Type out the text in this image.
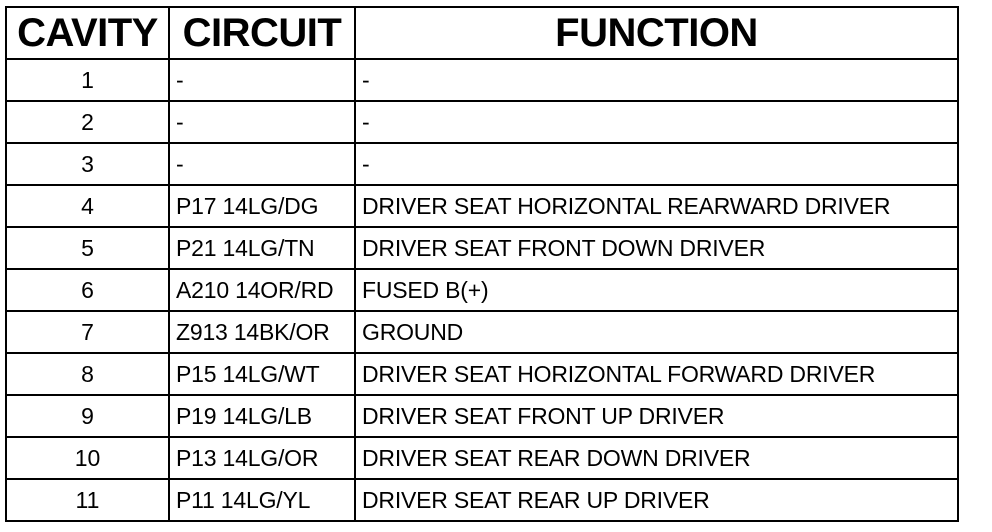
CAVITY	CIRCUIT	FUNCTION
1	-	-
2	-	-
3	-	-
4	P17 14LG/DG	DRIVER SEAT HORIZONTAL REARWARD DRIVER
5	P21 14LG/TN	DRIVER SEAT FRONT DOWN DRIVER
6	A210 14OR/RD	FUSED B(+)
7	Z913 14BK/OR	GROUND
8	P15 14LG/WT	DRIVER SEAT HORIZONTAL FORWARD DRIVER
9	P19 14LG/LB	DRIVER SEAT FRONT UP DRIVER
10	P13 14LG/OR	DRIVER SEAT REAR DOWN DRIVER
11	P11 14LG/YL	DRIVER SEAT REAR UP DRIVER
